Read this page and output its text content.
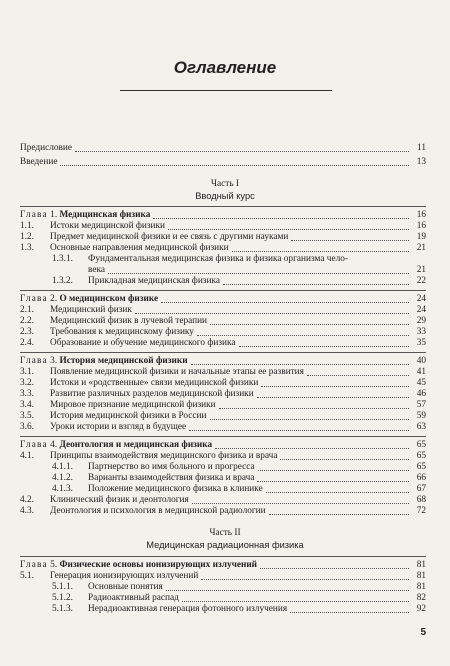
Оглавление
Предисловие	11
Введение	13
Часть I
Вводный курс
Глава 1. Медицинская физика	16
1.1.	Истоки медицинской физики	16
1.2.	Предмет медицинской физики и ее связь с другими науками	19
1.3.	Основные направления медицинской физики	21
1.3.1.	Фундаментальная медицинская физика и физика организма чело-
века	21
1.3.2.	Прикладная медицинская физика	22
Глава 2. О медицинском физике	24
2.1.	Медицинский физик	24
2.2.	Медицинский физик в лучевой терапии	29
2.3.	Требования к медицинскому физику	33
2.4.	Образование и обучение медицинского физика	35
Глава 3. История медицинской физики	40
3.1.	Появление медицинской физики и начальные этапы ее развития	41
3.2.	Истоки и «родственные» связи медицинской физики	45
3.3.	Развитие различных разделов медицинской физики	46
3.4.	Мировое признание медицинской физики	57
3.5.	История медицинской физики в России	59
3.6.	Уроки истории и взгляд в будущее	63
Глава 4. Деонтология и медицинская физика	65
4.1.	Принципы взаимодействия медицинского физика и врача	65
4.1.1.	Партнерство во имя больного и прогресса	65
4.1.2.	Варианты взаимодействия физика и врача	66
4.1.3.	Положение медицинского физика в клинике	67
4.2.	Клинический физик и деонтология	68
4.3.	Деонтология и психология в медицинской радиологии	72
Часть II
Медицинская радиационная физика
Глава 5. Физические основы ионизирующих излучений	81
5.1.	Генерация ионизирующих излучений	81
5.1.1.	Основные понятия	81
5.1.2.	Радиоактивный распад	82
5.1.3.	Нерадиоактивная генерация фотонного излучения	92
5
